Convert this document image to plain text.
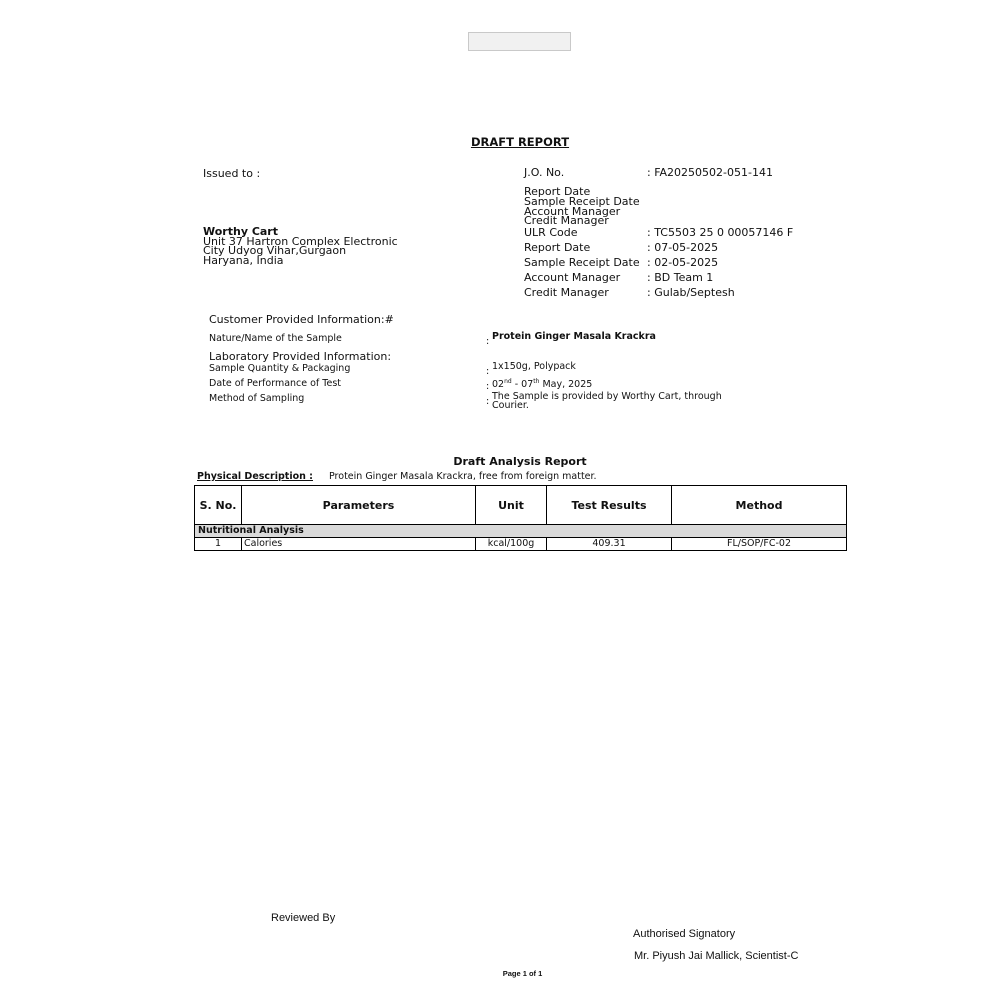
DRAFT REPORT
Issued to :
Worthy Cart
Unit 37 Hartron Complex Electronic
City Udyog Vihar,Gurgaon
Haryana, India
J.O. No.	: FA20250502-051-141
Report Date
Sample Receipt Date
Account Manager
Credit Manager
ULR Code	: TC5503 25 0 00057146 F
Report Date	: 07-05-2025
Sample Receipt Date : 02-05-2025
Account Manager : BD Team 1
Credit Manager	: Gulab/Septesh
Customer Provided Information:#
Nature/Name of the Sample	: Protein Ginger Masala Krackra
Laboratory Provided Information:
Sample Quantity & Packaging	: 1x150g, Polypack
Date of Performance of Test	: 02nd - 07th May, 2025
Method of Sampling	: The Sample is provided by Worthy Cart, through
Courier.
Draft Analysis Report
Physical Description : Protein Ginger Masala Krackra, free from foreign matter.
S. No.	Parameters	Unit	Test Results	Method
Nutritional Analysis				
1	Calories	kcal/100g	409.31	FL/SOP/FC-02
Reviewed By
Authorised Signatory
Mr. Piyush Jai Mallick, Scientist-C
Page 1 of 1
